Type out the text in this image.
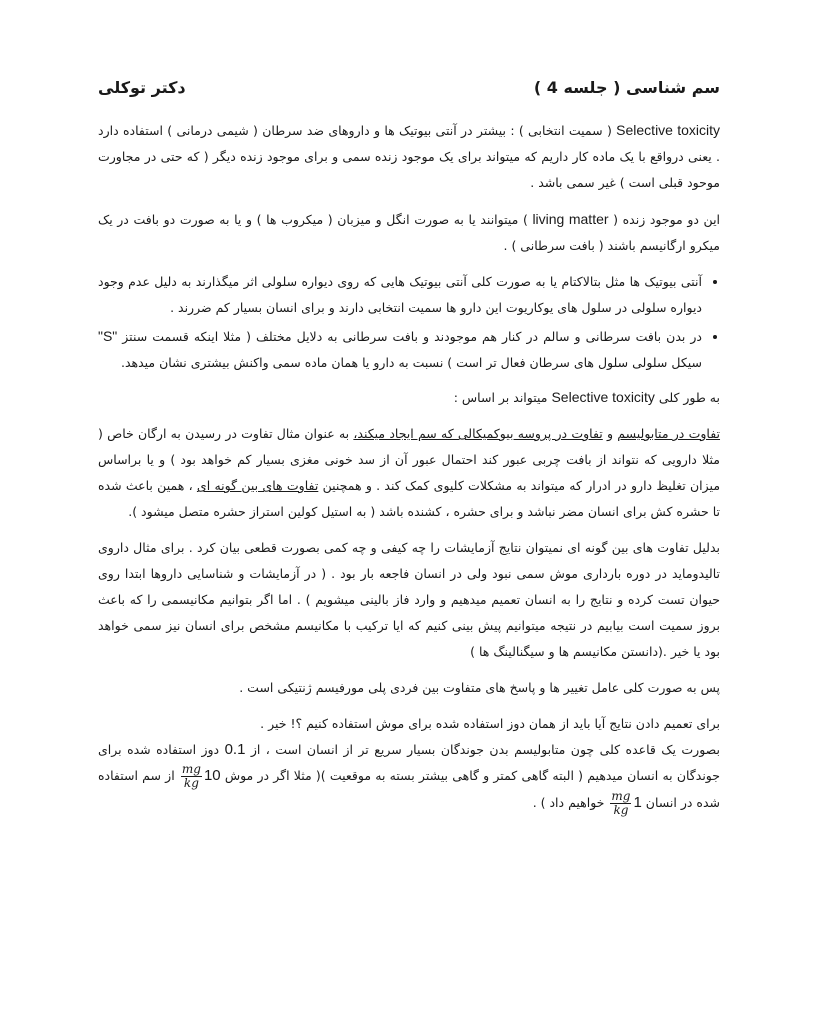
سم شناسی ( جلسه 4 )
دکتر توکلی

Selective toxicity ( سمیت انتخابی ) : بیشتر در آنتی بیوتیک ها و داروهای ضد سرطان ( شیمی درمانی ) استفاده دارد . یعنی درواقع با یک ماده کار داریم که میتواند برای یک موجود زنده سمی و برای موجود زنده دیگر ( که حتی در مجاورت موحود قبلی است ) غیر سمی باشد .

این دو موجود زنده ( living matter ) میتوانند یا به صورت انگل و میزبان ( میکروب ها ) و یا به صورت دو بافت در یک میکرو ارگانیسم باشند ( بافت سرطانی ) .

• آنتی بیوتیک ها مثل بتالاکتام یا به صورت کلی آنتی بیوتیک هایی که روی دیواره سلولی اثر میگذارند به دلیل عدم وجود دیواره سلولی در سلول های یوکاریوت این دارو ها سمیت انتخابی دارند و برای انسان بسیار کم ضررند .
• در بدن بافت سرطانی و سالم در کنار هم موجودند و بافت سرطانی به دلایل مختلف ( مثلا اینکه قسمت سنتز "S" سیکل سلولی سلول های سرطان فعال تر است ) نسبت به دارو یا همان ماده سمی واکنش بیشتری نشان میدهد.

به طور کلی Selective toxicity میتواند بر اساس :

تفاوت در متابولیسم و تفاوت در پروسه بیوکمیکالی که سم ایجاد میکند، به عنوان مثال تفاوت در رسیدن به ارگان خاص ( مثلا دارویی که نتواند از بافت چربی عبور کند احتمال عبور آن از سد خونی مغزی بسیار کم خواهد بود ) و یا براساس میزان تغلیظ دارو در ادرار که میتواند به مشکلات کلیوی کمک کند . و همچنین تفاوت های بین گونه ای ، همین باعث شده تا حشره کش برای انسان مضر نباشد و برای حشره ، کشنده باشد ( به استیل کولین استراز حشره متصل میشود ).

بدلیل تفاوت های بین گونه ای نمیتوان نتایج آزمایشات را چه کیفی و چه کمی بصورت قطعی بیان کرد . برای مثال داروی تالیدوماید در دوره بارداری موش سمی نبود ولی در انسان فاجعه بار بود . ( در آزمایشات و شناسایی داروها ابتدا روی حیوان تست کرده و نتایج را به انسان تعمیم میدهیم و وارد فاز بالینی میشویم ) . اما اگر بتوانیم مکانیسمی را که باعث بروز سمیت است بیابیم در نتیجه میتوانیم پیش بینی کنیم که ایا ترکیب با مکانیسم مشخص برای انسان نیز سمی خواهد بود یا خیر .(دانستن مکانیسم ها و سیگنالینگ ها )

پس به صورت کلی عامل تغییر ها و پاسخ های متفاوت بین فردی پلی مورفیسم ژنتیکی است .

برای تعمیم دادن نتایج آیا باید از همان دوز استفاده شده برای موش استفاده کنیم ؟! خیر .

بصورت یک قاعده کلی چون متابولیسم بدن جوندگان بسیار سریع تر از انسان است ، از 0.1 دوز استفاده شده برای جوندگان به انسان میدهیم ( البته گاهی کمتر و گاهی بیشتر بسته به موقعیت )( مثلا اگر در موش 10
$\frac{mg}{kg}$
از سم استفاده شده در انسان 1
$\frac{mg}{kg}$
خواهیم داد ) .
